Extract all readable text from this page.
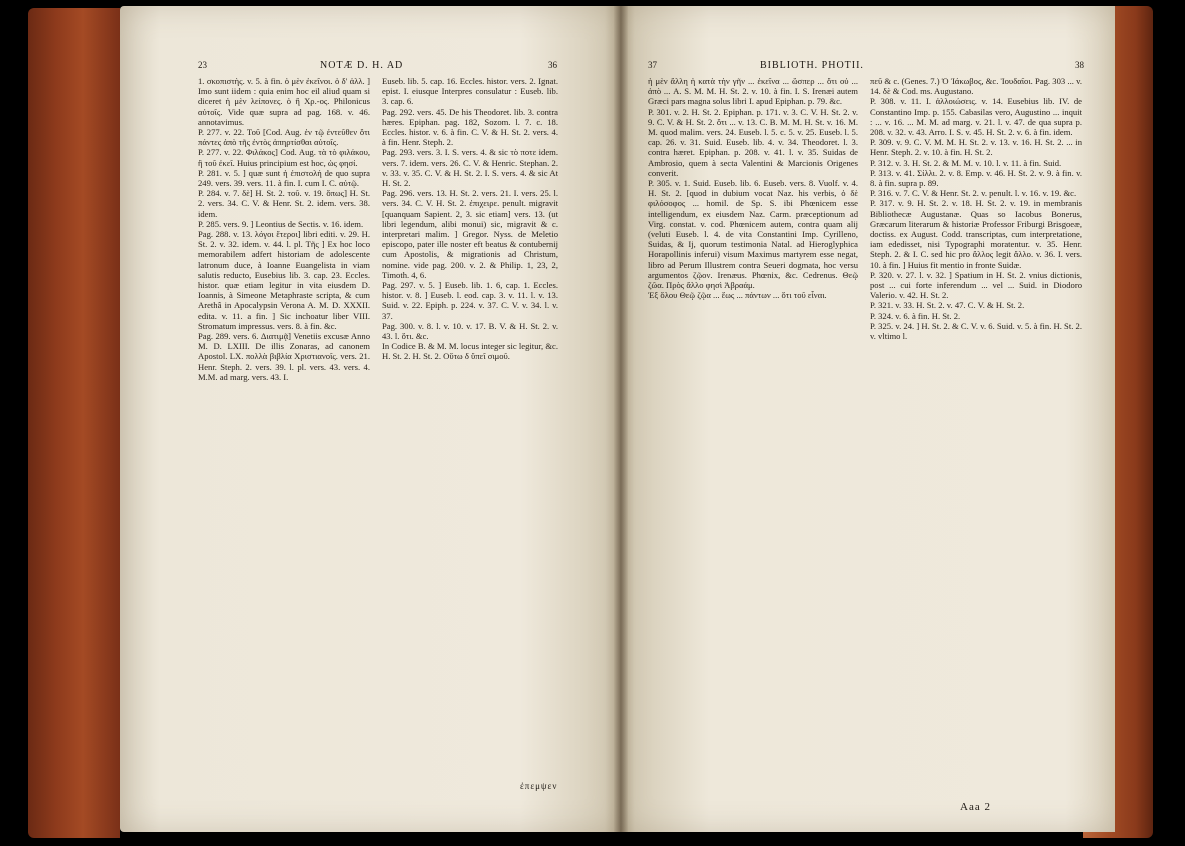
23	NOTÆ D. H. AD	36

1. σκοπιστὴς. v. 5. à fin. ὁ μὲν ἐκεῖνοι. ὁ δ' ἀλλ. ] Imo sunt iidem : quia enim hoc eil aliud quam si diceret ἡ μὲν λείπονες. ὁ ἢ Χρ.-ος. Philonicus αὐτοῖς. Vide quæ supra ad pag. 168. v. 46. annotavimus.

P. 277. v. 22. Τοῦ [Cod. Aug. ἐν τῷ ἐντεῦθεν ὅτι πάντες ἀπὸ τῆς ἐντὸς ἀπηρτίσθαι αὐτοῖς.

P. 277. v. 22. Φιλάκος] Cod. Aug. τὰ τὸ φιλάκου, ἢ τοῦ ἐκεῖ. Huius principium est hoc, ὡς φησί.

P. 281. v. 5. ] quæ sunt ἡ ἐπιστολή de quo supra 249. vers. 39. vers. 11. à fin. I. cum I. C. αὐτῷ.

P. 284. v. 7. δὲ] H. St. 2. τοῦ. v. 19. ὅπως] H. St. 2. vers. 34. C. V. & Henr. St. 2. idem. vers. 38. idem.

P. 285. vers. 9. ] Leontius de Sectis. v. 16. idem.

Pag. 288. v. 13. λόγοι ἕτεροι] libri editi. v. 29. H. St. 2. v. 32. idem. v. 44. l. pl. Τῆς ] Ex hoc loco memorabilem adfert historiam de adolescente latronum duce, à Ioanne Euangelista in viam salutis reducto, Eusebius lib. 3. cap. 23. Eccles. histor. quæ etiam legitur in vita eiusdem D. Ioannis, à Simeone Metaphraste scripta, & cum Arethâ in Apocalypsin Verona A. M. D. XXXII. edita. v. 11. a fin. ] Sic inchoatur liber VIII. Stromatum impressus. vers. 8. à fin. &c.

Pag. 289. vers. 6. Διατιμᾷ] Venetiis excusæ Anno M. D. LXIII. De illis Zonaras, ad canonem Apostol. LX. πολλὰ βιβλία Χριστιανοῖς. vers. 21. Henr. Steph. 2. vers. 39. l. pl. vers. 43. vers. 4. M.M. ad marg. vers. 43. I.

Euseb. lib. 5. cap. 16. Eccles. histor. vers. 2. Ignat. epist. I. eiusque Interpres consulatur : Euseb. lib. 3. cap. 6.

Pag. 292. vers. 45. De his Theodoret. lib. 3. contra hæres. Epiphan. pag. 182, Sozom. l. 7. c. 18. Eccles. histor. v. 6. à fin. C. V. & H. St. 2. vers. 4. à fin. Henr. Steph. 2.

Pag. 293. vers. 3. I. S. vers. 4. & sic τὸ ποτε idem. vers. 7. idem. vers. 26. C. V. & Henric. Stephan. 2. v. 33. v. 35. C. V. & H. St. 2. I. S. vers. 4. & sic At H. St. 2.

Pag. 296. vers. 13. H. St. 2. vers. 21. I. vers. 25. l. vers. 34. C. V. H. St. 2. ἐπιχειρε. penult. migravit [quanquam Sapient. 2, 3. sic etiam] vers. 13. (ut libri legendum, alibi monui) sic, migravit & c. interpretari malim. ] Gregor. Nyss. de Meletio episcopo, pater ille noster eft beatus & contubernij cum Apostolis, & migrationis ad Christum, nomine. vide pag. 200. v. 2. & Philip. 1, 23, 2, Timoth. 4, 6.

Pag. 297. v. 5. ] Euseb. lib. 1. 6, cap. 1. Eccles. histor. v. 8. ] Euseb. l. eod. cap. 3. v. 11. l. v. 13. Suid. v. 22. Epiph. p. 224. v. 37. C. V. v. 34. l. v. 37.

Pag. 300. v. 8. l. v. 10. v. 17. B. V. & H. St. 2. v. 43. l. ὅτι. &c.

In Codice B. & M. M. locus integer sic legitur, &c. H. St. 2. H. St. 2. Οὕτω δ ὕπεῖ σιμοῦ.

ἐπεμψεν
37	BIBLIOTH. PHOTII.	38

ἡ μὲν ἄλλη ἡ κατὰ τὴν γῆν ... ἐκεῖνα ... ὥσπερ ... ὅτι οὐ ... ἀπὸ ... A. S. M. M. H. St. 2. v. 10. à fin. I. S. Irenæi autem Græci pars magna solus libri I. apud Epiphan. p. 79. &c.

P. 301. v. 2. H. St. 2. Epiphan. p. 171. v. 3. C. V. H. St. 2. v. 9. C. V. & H. St. 2. ὅτι ... v. 13. C. B. M. M. H. St. v. 16. M. M. quod malim. vers. 24. Euseb. l. 5. c. 5. v. 25. Euseb. l. 5. cap. 26. v. 31. Suid. Euseb. lib. 4. v. 34. Theodoret. l. 3. contra hæret. Epiphan. p. 208. v. 41. l. v. 35. Suidas de Ambrosio, quem à secta Valentini & Marcionis Origenes converit.

P. 305. v. 1. Suid. Euseb. lib. 6. Euseb. vers. 8. Vuolf. v. 4. H. St. 2. [quod in dubium vocat Naz. his verbis, ὁ δὲ φιλόσοφος ... homil. de Sp. S. ibi Phœnicem esse intelligendum, ex eiusdem Naz. Carm. præceptionum ad Virg. constat. v. cod. Phœnicem autem, contra quam alij (veluti Euseb. l. 4. de vita Constantini Imp. Cyrilleno, Suidas, & Ij, quorum testimonia Natal. ad Hieroglyphica Horapollinis inferui) visum Maximus martyrem esse negat, libro ad Perum Illustrem contra Seueri dogmata, hoc versu argumentos ζῷον. Irenæus. Phœnix, &c. Cedrenus. Θεῷ ζῶα. Πρὸς ἄλλο φησὶ Ἀβραάμ.

Ἐξ ὅλου Θεῷ ζῷα ... ἕως ... πάντων ... ὅτι τοῦ εἶναι.

πεῦ & c. (Genes. 7.) Ὁ Ἰάκωβος, &c. Ἰουδαῖοι. Pag. 303 ... v. 14. δὲ & Cod. ms. Augustano.

P. 308. v. 11. I. ἀλλοιώσεις. v. 14. Eusebius lib. IV. de Constantino Imp. p. 155. Cabasilas vero, Augustino ... inquit : ... v. 16. ... M. M. ad marg. v. 21. l. v. 47. de qua supra p. 208. v. 32. v. 43. Arro. I. S. v. 45. H. St. 2. v. 6. à fin. idem.

P. 309. v. 9. C. V. M. M. H. St. 2. v. 13. v. 16. H. St. 2. ... in Henr. Steph. 2. v. 10. à fin. H. St. 2.

P. 312. v. 3. H. St. 2. & M. M. v. 10. l. v. 11. à fin. Suid.

P. 313. v. 41. Σίλλι. 2. v. 8. Emp. v. 46. H. St. 2. v. 9. à fin. v. 8. à fin. supra p. 89.

P. 316. v. 7. C. V. & Henr. St. 2. v. penult. l. v. 16. v. 19. &c.

P. 317. v. 9. H. St. 2. v. 18. H. St. 2. v. 19. in membranis Bibliothecæ Augustanæ. Quas so Iacobus Bonerus, Græcarum literarum & historiæ Professor Friburgi Brisgoeæ, doctiss. ex August. Codd. transcriptas, cum interpretatione, iam ededisset, nisi Typographi moratentur. v. 35. Henr. Steph. 2. & I. C. sed hic pro ἄλλος legit ἄλλο. v. 36. I. vers. 10. à fin. ] Huius fit mentio in fronte Suidæ.

P. 320. v. 27. l. v. 32. ] Spatium in H. St. 2. vnius dictionis, post ... cui forte inferendum ... vel ... Suid. in Diodoro Valerio. v. 42. H. St. 2.

P. 321. v. 33. H. St. 2. v. 47. C. V. & H. St. 2.

P. 324. v. 6. à fin. H. St. 2.

P. 325. v. 24. ] H. St. 2. & C. V. v. 6. Suid. v. 5. à fin. H. St. 2. v. vltimo l.

Aaa 2
